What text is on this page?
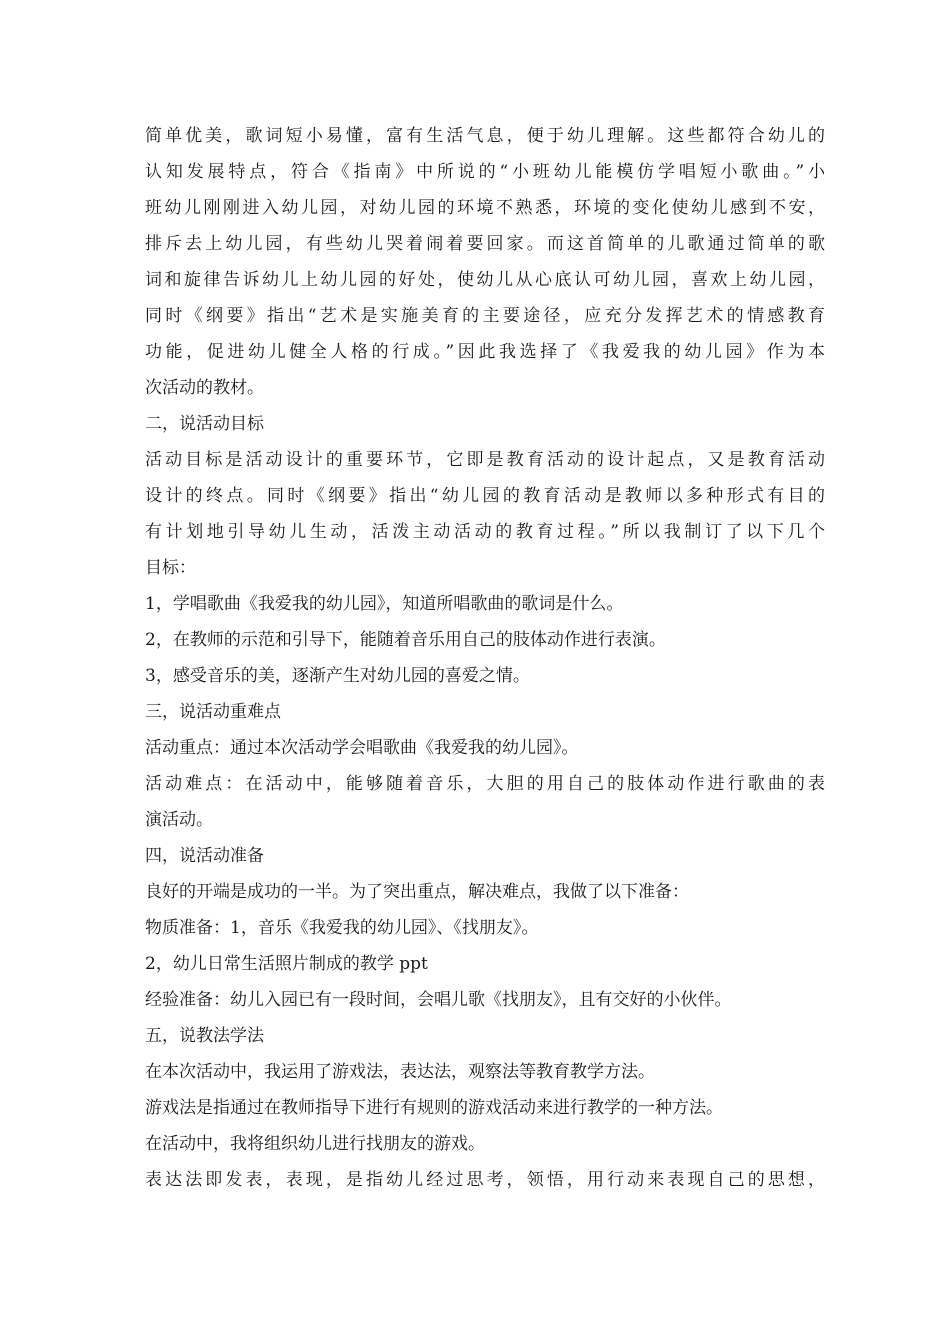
简单优美，歌词短小易懂，富有生活气息，便于幼儿理解。这些都符合幼儿的
认知发展特点，符合《指南》中所说的“小班幼儿能模仿学唱短小歌曲。”小
班幼儿刚刚进入幼儿园，对幼儿园的环境不熟悉，环境的变化使幼儿感到不安，
排斥去上幼儿园，有些幼儿哭着闹着要回家。而这首简单的儿歌通过简单的歌
词和旋律告诉幼儿上幼儿园的好处，使幼儿从心底认可幼儿园，喜欢上幼儿园，
同时《纲要》指出“艺术是实施美育的主要途径，应充分发挥艺术的情感教育
功能，促进幼儿健全人格的行成。”因此我选择了《我爱我的幼儿园》作为本
次活动的教材。
二，说活动目标
活动目标是活动设计的重要环节，它即是教育活动的设计起点，又是教育活动
设计的终点。同时《纲要》指出“幼儿园的教育活动是教师以多种形式有目的
有计划地引导幼儿生动，活泼主动活动的教育过程。”所以我制订了以下几个
目标：
1，学唱歌曲《我爱我的幼儿园》，知道所唱歌曲的歌词是什么。
2，在教师的示范和引导下，能随着音乐用自己的肢体动作进行表演。
3，感受音乐的美，逐渐产生对幼儿园的喜爱之情。
三，说活动重难点
活动重点：通过本次活动学会唱歌曲《我爱我的幼儿园》。
活动难点：在活动中，能够随着音乐，大胆的用自己的肢体动作进行歌曲的表
演活动。
四，说活动准备
良好的开端是成功的一半。为了突出重点，解决难点，我做了以下准备：
物质准备：1，音乐《我爱我的幼儿园》、《找朋友》。
2，幼儿日常生活照片制成的教学 ppt
经验准备：幼儿入园已有一段时间，会唱儿歌《找朋友》，且有交好的小伙伴。
五，说教法学法
在本次活动中，我运用了游戏法，表达法，观察法等教育教学方法。
游戏法是指通过在教师指导下进行有规则的游戏活动来进行教学的一种方法。
在活动中，我将组织幼儿进行找朋友的游戏。
表达法即发表，表现，是指幼儿经过思考，领悟，用行动来表现自己的思想，
